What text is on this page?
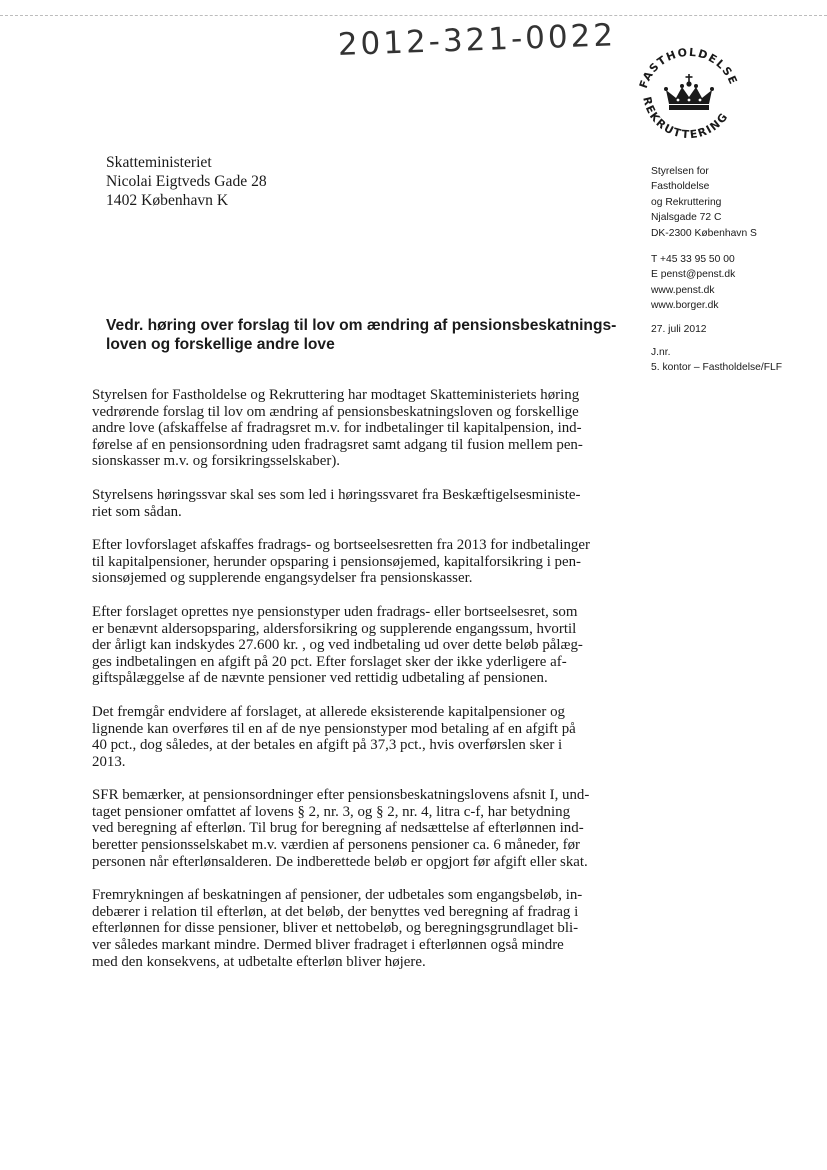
2012-321-0022
FASTHOLDELSE
REKRUTTERING
Skatteministeriet
Nicolai Eigtveds Gade 28
1402 København K
Styrelsen for
Fastholdelse
og Rekruttering
Njalsgade 72 C
DK-2300 København S
T +45 33 95 50 00
E penst@penst.dk
www.penst.dk
www.borger.dk
27. juli 2012
J.nr.
5. kontor – Fastholdelse/FLF
Vedr. høring over forslag til lov om ændring af pensionsbeskatnings-
loven og forskellige andre love
Styrelsen for Fastholdelse og Rekruttering har modtaget Skatteministeriets høring
vedrørende forslag til lov om ændring af pensionsbeskatningsloven og forskellige
andre love (afskaffelse af fradragsret m.v. for indbetalinger til kapitalpension, ind-
førelse af en pensionsordning uden fradragsret samt adgang til fusion mellem pen-
sionskasser m.v. og forsikringsselskaber).
Styrelsens høringssvar skal ses som led i høringssvaret fra Beskæftigelsesministe-
riet som sådan.
Efter lovforslaget afskaffes fradrags- og bortseelsesretten fra 2013 for indbetalinger
til kapitalpensioner, herunder opsparing i pensionsøjemed, kapitalforsikring i pen-
sionsøjemed og supplerende engangsydelser fra pensionskasser.
Efter forslaget oprettes nye pensionstyper uden fradrags- eller bortseelsesret, som
er benævnt aldersopsparing, aldersforsikring og supplerende engangssum, hvortil
der årligt kan indskydes 27.600 kr. , og ved indbetaling ud over dette beløb pålæg-
ges indbetalingen en afgift på 20 pct. Efter forslaget sker der ikke yderligere af-
giftspålæggelse af de nævnte pensioner ved rettidig udbetaling af pensionen.
Det fremgår endvidere af forslaget, at allerede eksisterende kapitalpensioner og
lignende kan overføres til en af de nye pensionstyper mod betaling af en afgift på
40 pct., dog således, at der betales en afgift på 37,3 pct., hvis overførslen sker i
2013.
SFR bemærker, at pensionsordninger efter pensionsbeskatningslovens afsnit I, und-
taget pensioner omfattet af lovens § 2, nr. 3, og § 2, nr. 4, litra c-f, har betydning
ved beregning af efterløn. Til brug for beregning af nedsættelse af efterlønnen ind-
beretter pensionsselskabet m.v. værdien af personens pensioner ca. 6 måneder, før
personen når efterlønsalderen. De indberettede beløb er opgjort før afgift eller skat.
Fremrykningen af beskatningen af pensioner, der udbetales som engangsbeløb, in-
debærer i relation til efterløn, at det beløb, der benyttes ved beregning af fradrag i
efterlønnen for disse pensioner, bliver et nettobeløb, og beregningsgrundlaget bli-
ver således markant mindre. Dermed bliver fradraget i efterlønnen også mindre
med den konsekvens, at udbetalte efterløn bliver højere.
